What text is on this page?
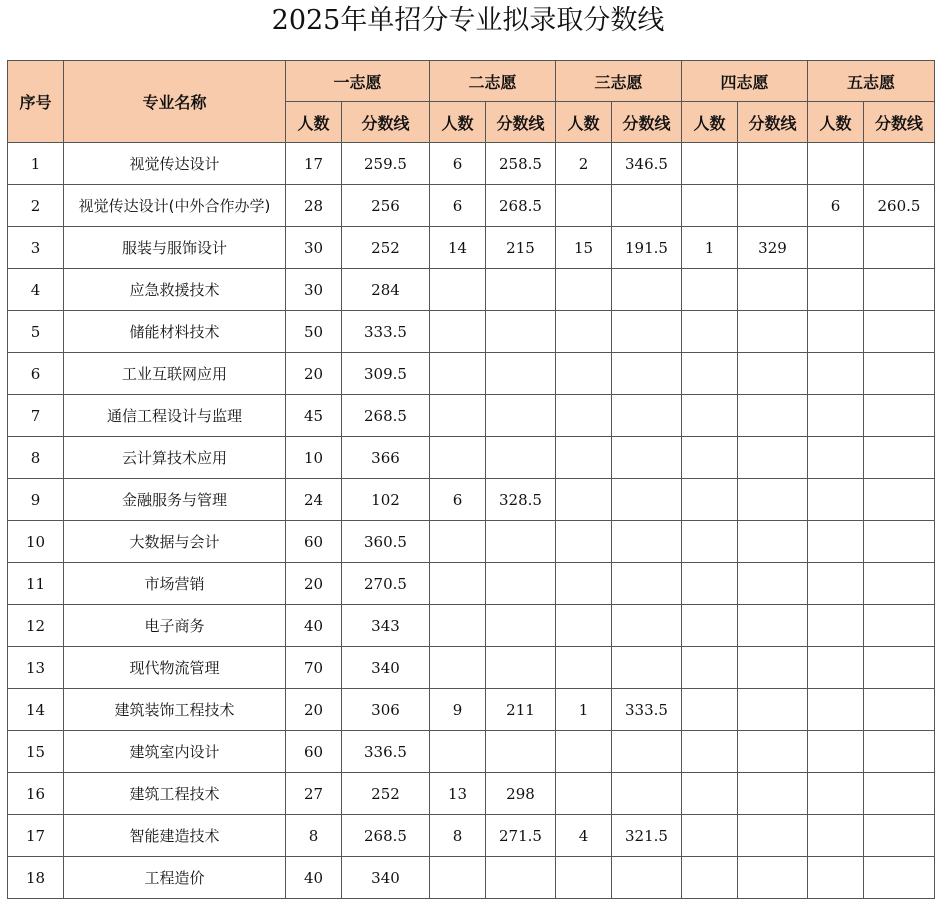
2025年单招分专业拟录取分数线
序号	专业名称	一志愿		二志愿		三志愿		四志愿		五志愿	
		人数	分数线	人数	分数线	人数	分数线	人数	分数线	人数	分数线
1	视觉传达设计	17	259.5	6	258.5	2	346.5				
2	视觉传达设计(中外合作办学)	28	256	6	268.5					6	260.5
3	服装与服饰设计	30	252	14	215	15	191.5	1	329		
4	应急救援技术	30	284								
5	储能材料技术	50	333.5								
6	工业互联网应用	20	309.5								
7	通信工程设计与监理	45	268.5								
8	云计算技术应用	10	366								
9	金融服务与管理	24	102	6	328.5						
10	大数据与会计	60	360.5								
11	市场营销	20	270.5								
12	电子商务	40	343								
13	现代物流管理	70	340								
14	建筑装饰工程技术	20	306	9	211	1	333.5				
15	建筑室内设计	60	336.5								
16	建筑工程技术	27	252	13	298						
17	智能建造技术	8	268.5	8	271.5	4	321.5				
18	工程造价	40	340								
